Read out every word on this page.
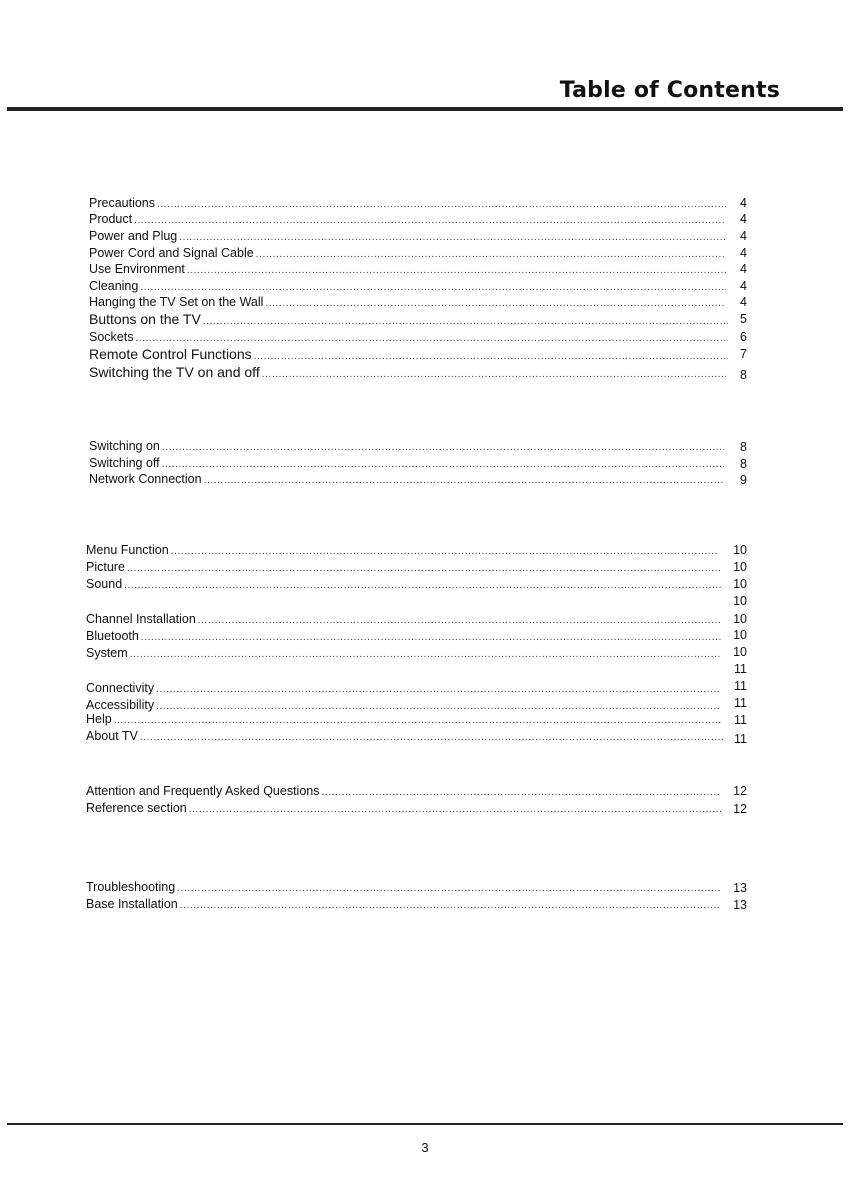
Table of Contents
Precautions .....	4
Product .....	4
Power and Plug .....	4
Power Cord and Signal Cable .....	4
Use Environment .....	4
Cleaning .....	4
Hanging the TV Set on the Wall .....	4
Buttons on the TV .....	5
Sockets .....	6
Remote Control Functions .....	7
Switching the TV on and off .....	8
Switching on .....	8
Switching off .....	8
Network Connection .....	9
Menu Function .....	10
Picture .....	10
Sound .....	10
10
Channel Installation .....	10
Bluetooth .....	10
System .....	10
11
Connectivity .....	11
Accessibility .....	11
Help .....	11
About TV .....	11
Attention and Frequently Asked Questions .....	12
Reference section .....	12
Troubleshooting .....	13
Base Installation .....	13
3
